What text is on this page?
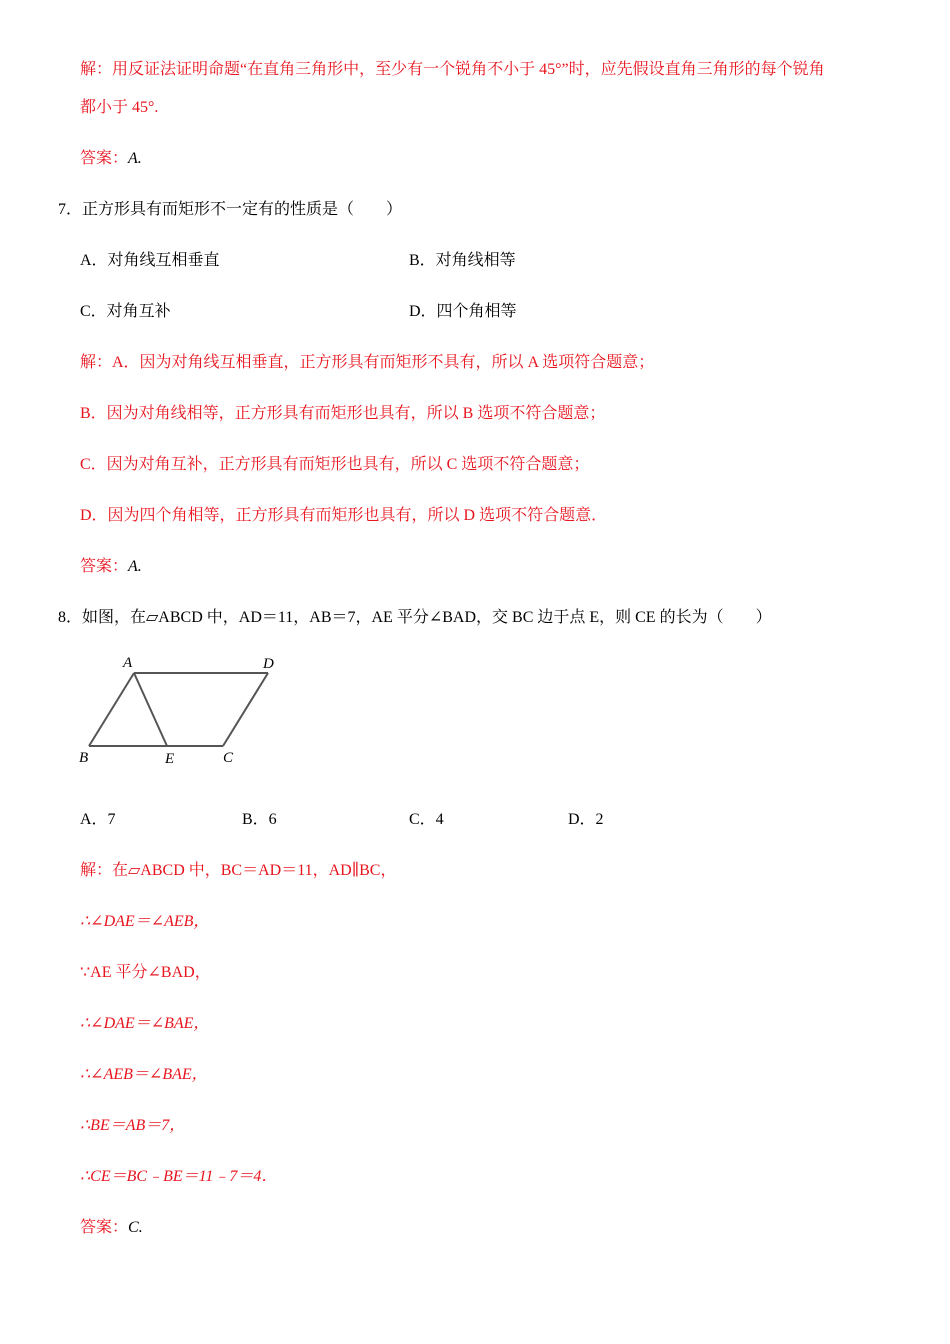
解：用反证法证明命题“在直角三角形中，至少有一个锐角不小于 45°”时，应先假设直角三角形的每个锐角
都小于 45°.
答案：A.
7．正方形具有而矩形不一定有的性质是（　　）
A．对角线互相垂直	B．对角线相等
C．对角互补	D．四个角相等
解：A．因为对角线互相垂直，正方形具有而矩形不具有，所以 A 选项符合题意；
B．因为对角线相等，正方形具有而矩形也具有，所以 B 选项不符合题意；
C．因为对角互补，正方形具有而矩形也具有，所以 C 选项不符合题意；
D．因为四个角相等，正方形具有而矩形也具有，所以 D 选项不符合题意．
答案：A.
8．如图，在▱ABCD 中，AD＝11，AB＝7，AE 平分∠BAD，交 BC 边于点 E，则 CE 的长为（　　）
A	D
B	E	C
A．7	B．6	C．4	D．2
解：在▱ABCD 中，BC＝AD＝11，AD∥BC，
∴∠DAE＝∠AEB，
∵AE 平分∠BAD，
∴∠DAE＝∠BAE，
∴∠AEB＝∠BAE，
∴BE＝AB＝7，
∴CE＝BC﹣BE＝11﹣7＝4．
答案：C.
